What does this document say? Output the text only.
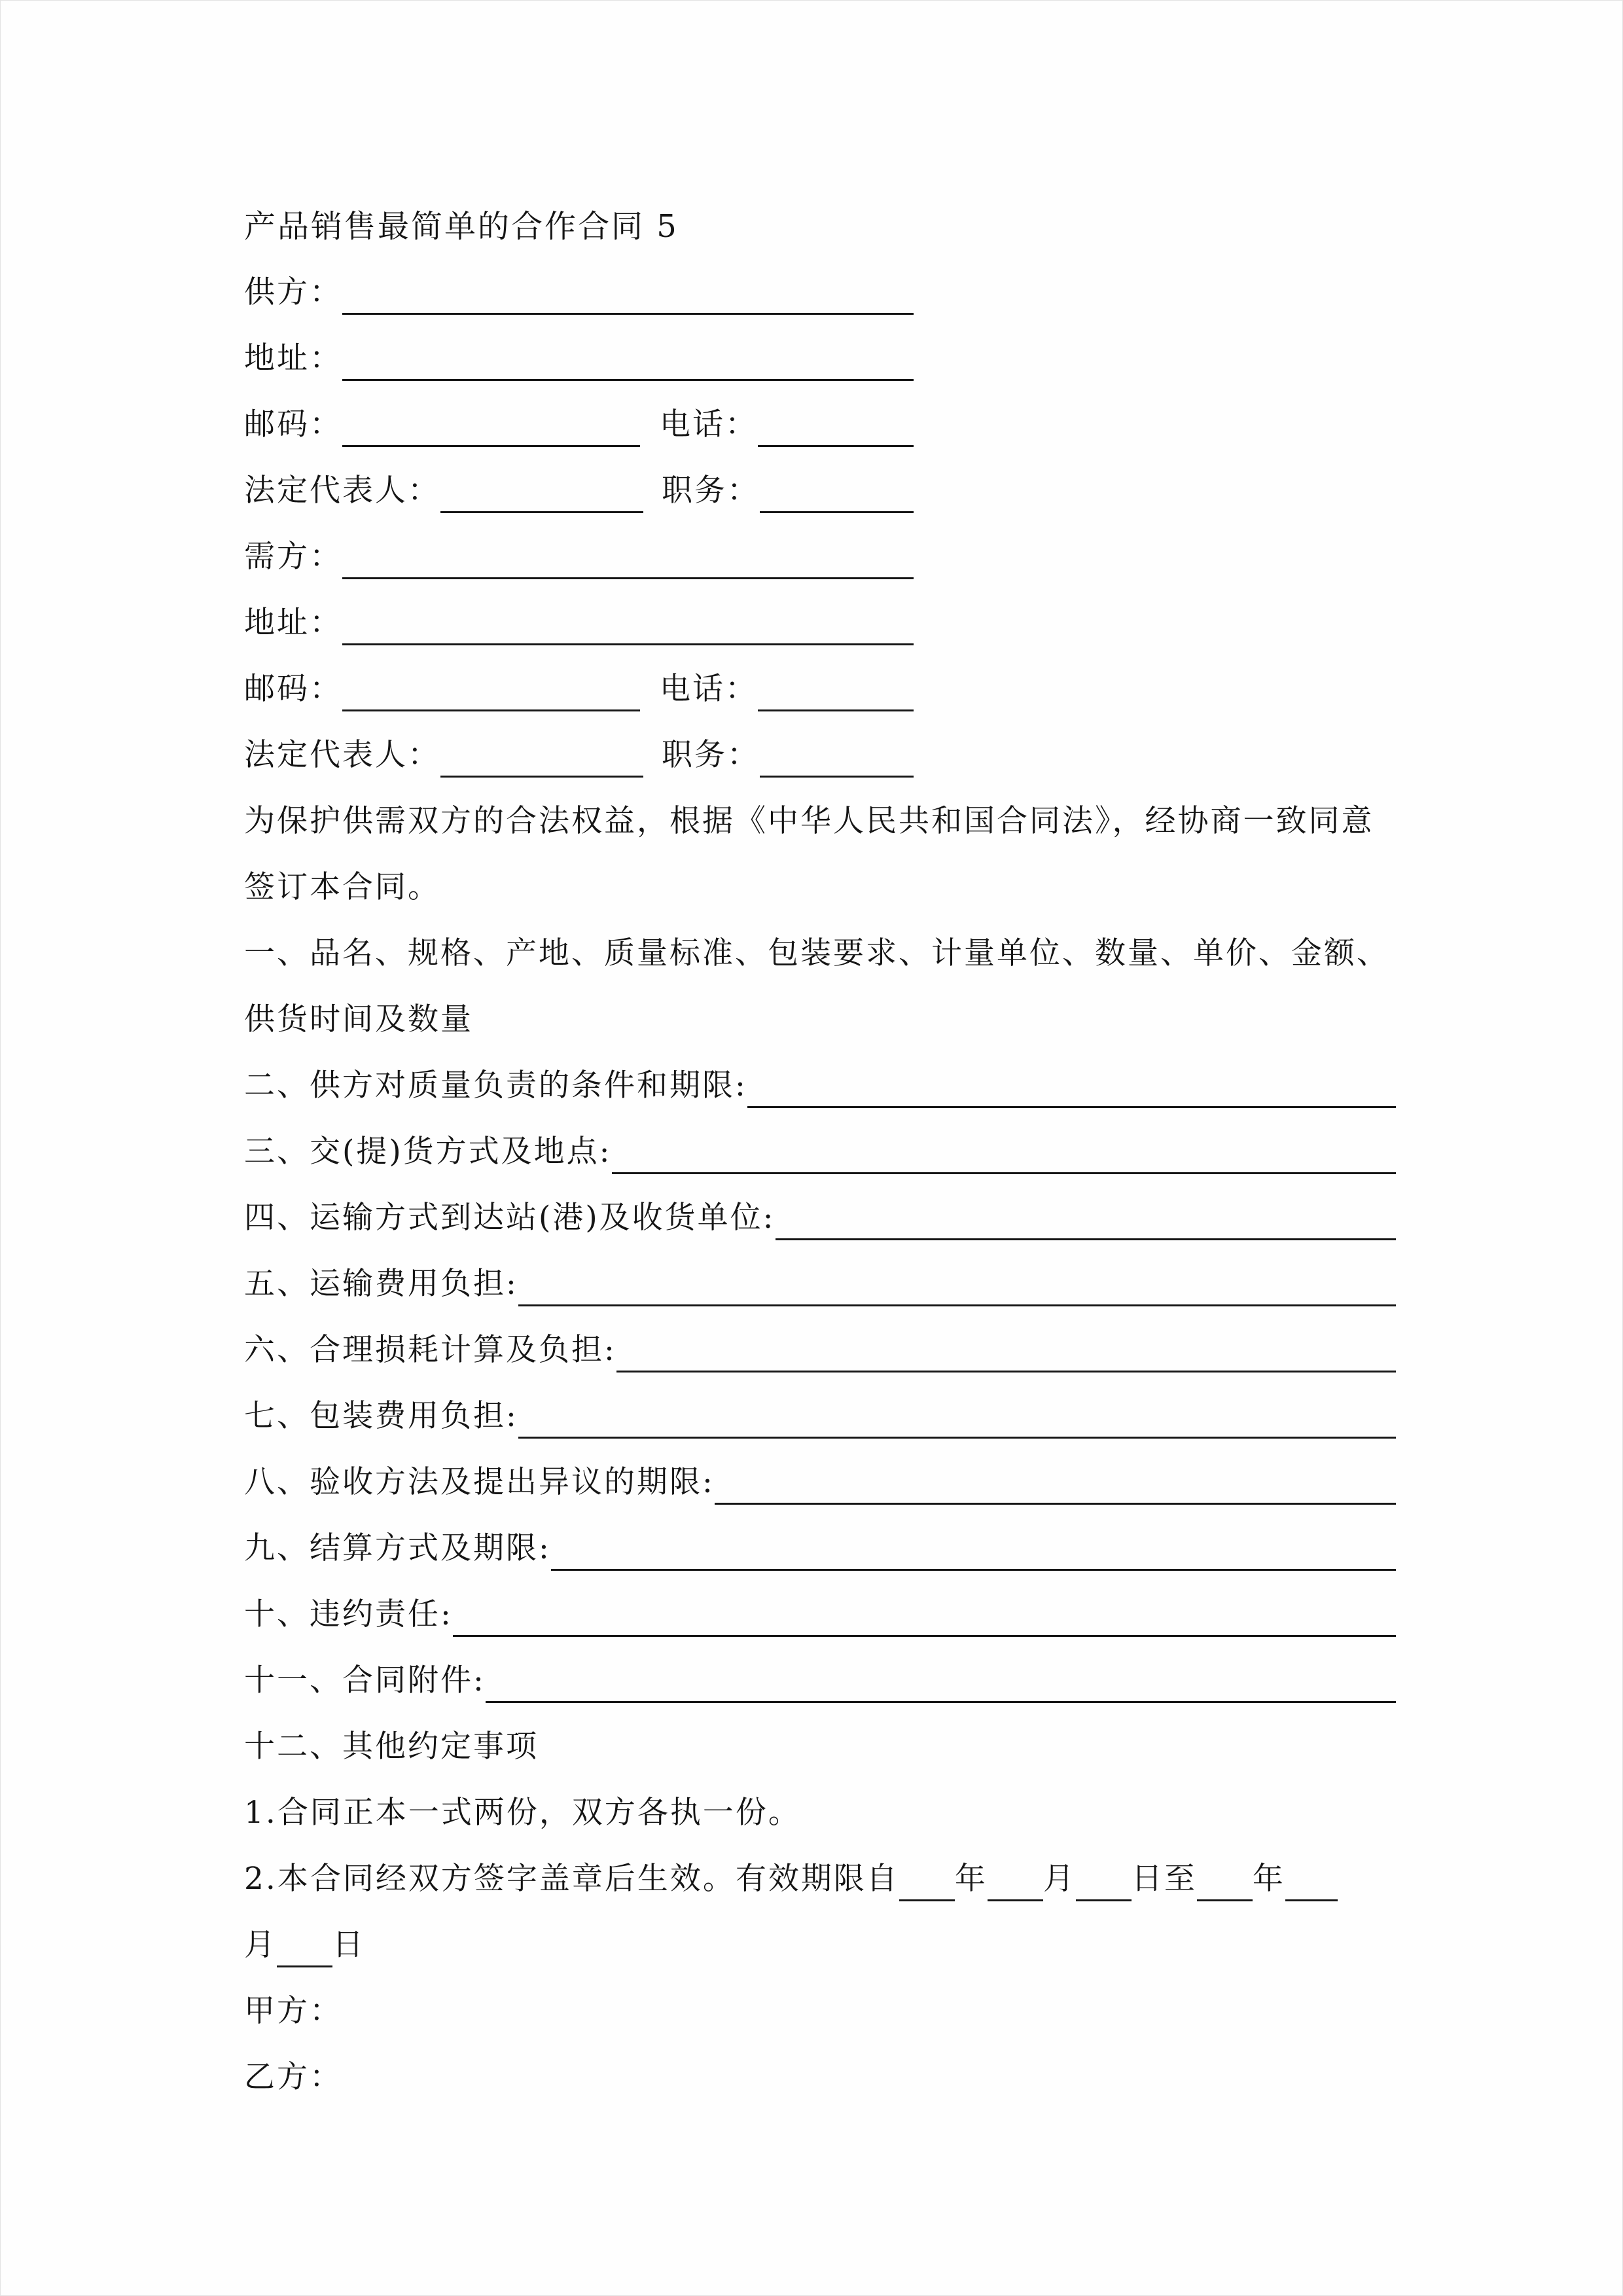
产品销售最简单的合作合同 5
供方：
地址：
邮码：	电话：
法定代表人：	职务：
需方：
地址：
邮码：	电话：
法定代表人：	职务：
为保护供需双方的合法权益，根据《中华人民共和国合同法》，经协商一致同意
签订本合同。
一、品名、规格、产地、质量标准、包装要求、计量单位、数量、单价、金额、
供货时间及数量
二、供方对质量负责的条件和期限:
三、交(提)货方式及地点:
四、运输方式到达站(港)及收货单位:
五、运输费用负担:
六、合理损耗计算及负担:
七、包装费用负担:
八、验收方法及提出异议的期限:
九、结算方式及期限:
十、违约责任:
十一、合同附件:
十二、其他约定事项
1.合同正本一式两份，双方各执一份。
2.本合同经双方签字盖章后生效。有效期限自 年 月 日至 年
月 日
甲方：
乙方：
